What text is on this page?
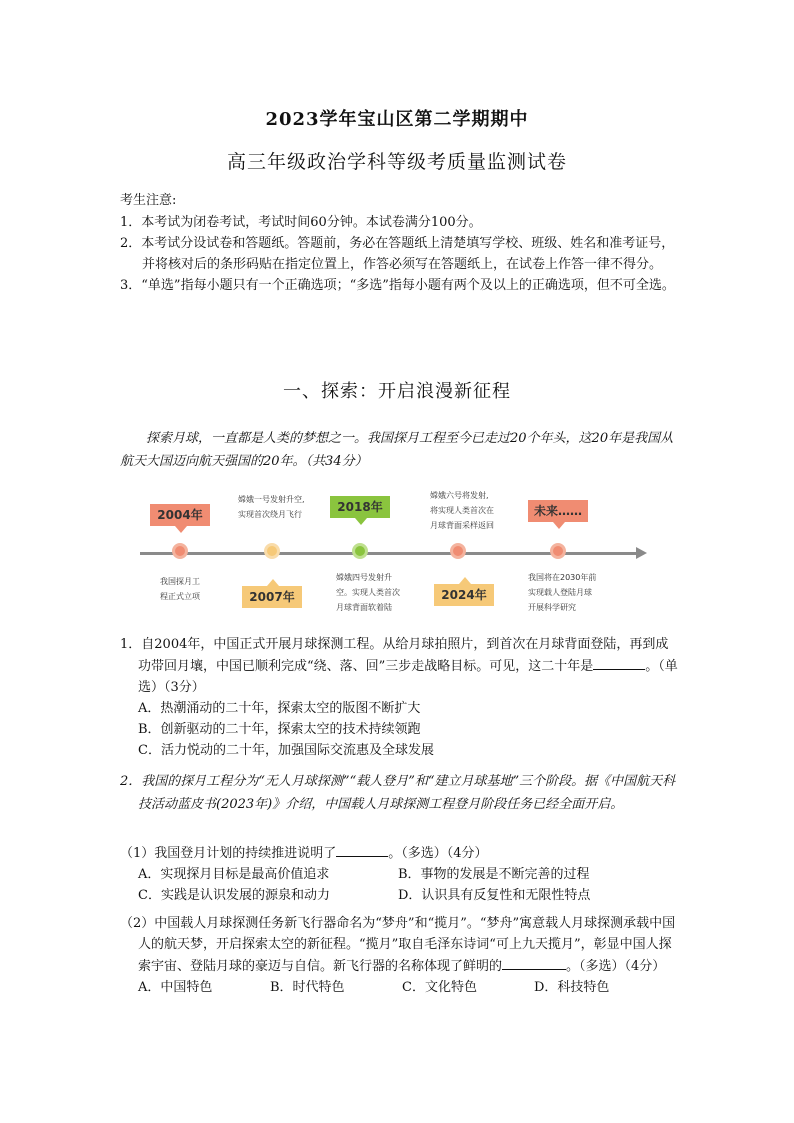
2023学年宝山区第二学期期中
高三年级政治学科等级考质量监测试卷

考生注意:

1．本考试为闭卷考试，考试时间60分钟。本试卷满分100分。

2．本考试分设试卷和答题纸。答题前，务必在答题纸上清楚填写学校、班级、姓名和准考证号，并将核对后的条形码贴在指定位置上，作答必须写在答题纸上，在试卷上作答一律不得分。

3．“单选”指每小题只有一个正确选项；“多选”指每小题有两个及以上的正确选项，但不可全选。

一、探索：开启浪漫新征程
探索月球，一直都是人类的梦想之一。我国探月工程至今已走过20个年头，这20年是我国从航天大国迈向航天强国的20年。（共34分）
2004年
2007年
2018年
2024年
未来……
我国探月工
程正式立项
嫦娥一号发射升空,
实现首次绕月飞行
嫦娥四号发射升
空。实现人类首次
月球背面软着陆
嫦娥六号将发射,
将实现人类首次在
月球背面采样返回
我国将在2030年前
实现载人登陆月球
开展科学研究

1．自2004年，中国正式开展月球探测工程。从给月球拍照片，到首次在月球背面登陆，再到成功带回月壤，中国已顺利完成“绕、落、回”三步走战略目标。可见，这二十年是	。（单选）（3分）

A．热潮涌动的二十年，探索太空的版图不断扩大

B．创新驱动的二十年，探索太空的技术持续领跑

C．活力悦动的二十年，加强国际交流惠及全球发展

2．我国的探月工程分为“无人月球探测”“载人登月”和“建立月球基地”三个阶段。据《中国航天科技活动蓝皮书(2023年)》介绍，中国载人月球探测工程登月阶段任务已经全面开启。

（1）我国登月计划的持续推进说明了	。（多选）（4分）

A．实现探月目标是最高价值追求	B．事物的发展是不断完善的过程
C．实践是认识发展的源泉和动力	D．认识具有反复性和无限性特点

（2）中国载人月球探测任务新飞行器命名为“梦舟”和“揽月”。“梦舟”寓意载人月球探测承载中国人的航天梦，开启探索太空的新征程。“揽月”取自毛泽东诗词“可上九天揽月”，彰显中国人探索宇宙、登陆月球的豪迈与自信。新飞行器的名称体现了鲜明的	。（多选）（4分）

A．中国特色	B．时代特色	C．文化特色	D．科技特色
